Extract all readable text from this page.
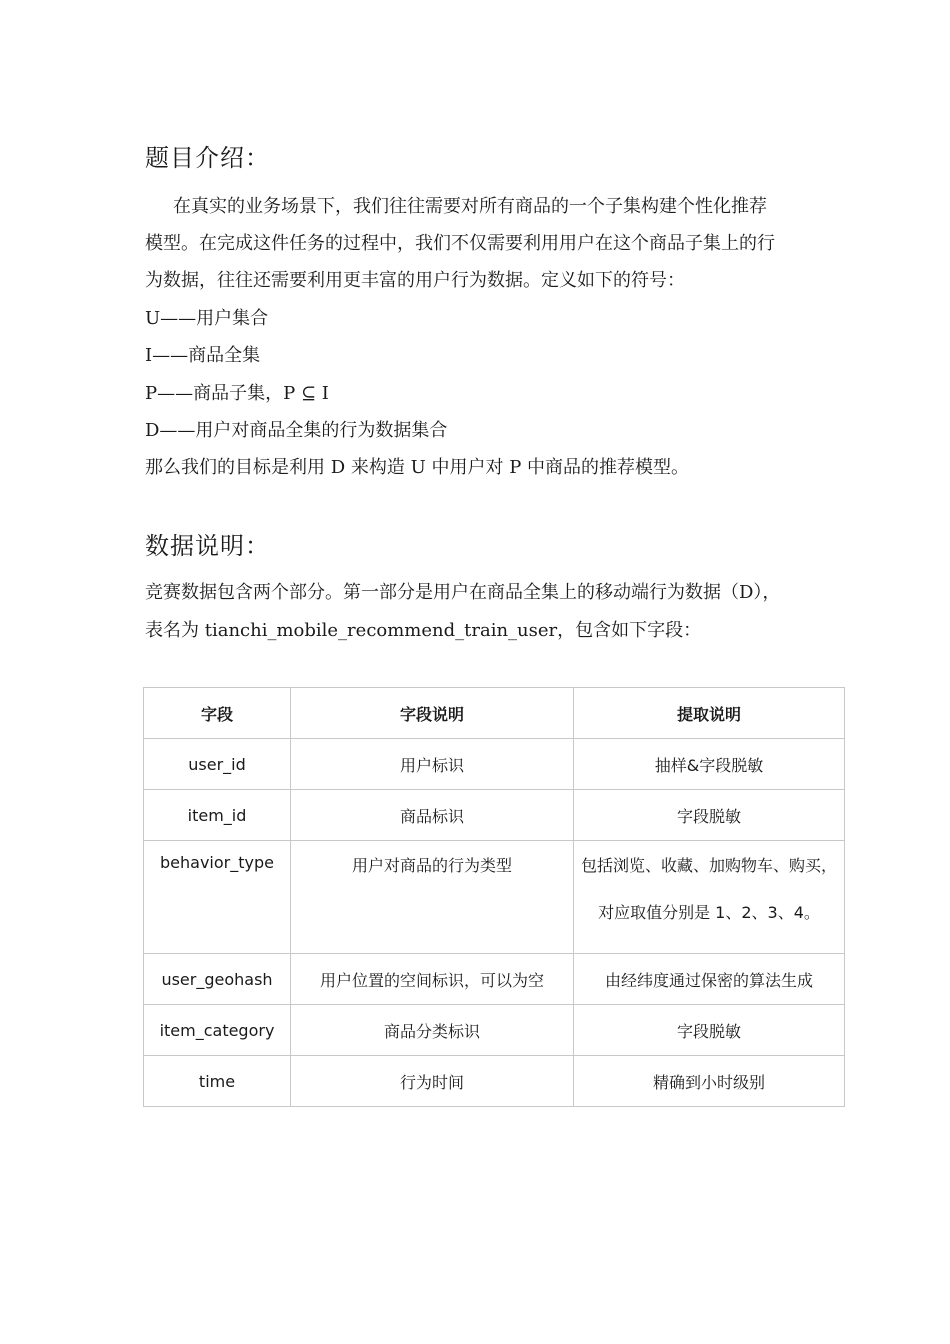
题目介绍：
在真实的业务场景下，我们往往需要对所有商品的一个子集构建个性化推荐
模型。在完成这件任务的过程中，我们不仅需要利用用户在这个商品子集上的行
为数据，往往还需要利用更丰富的用户行为数据。定义如下的符号：
U——用户集合
I——商品全集
P——商品子集，P ⊆ I
D——用户对商品全集的行为数据集合
那么我们的目标是利用 D 来构造 U 中用户对 P 中商品的推荐模型。
数据说明：
竞赛数据包含两个部分。第一部分是用户在商品全集上的移动端行为数据（D），
表名为 tianchi_mobile_recommend_train_user，包含如下字段：
字段	字段说明	提取说明
user_id	用户标识	抽样&字段脱敏
item_id	商品标识	字段脱敏
behavior_type	用户对商品的行为类型	包括浏览、收藏、加购物车、购买，
对应取值分别是 1、2、3、4。

user_geohash	用户位置的空间标识，可以为空	由经纬度通过保密的算法生成
item_category	商品分类标识	字段脱敏
time	行为时间	精确到小时级别
